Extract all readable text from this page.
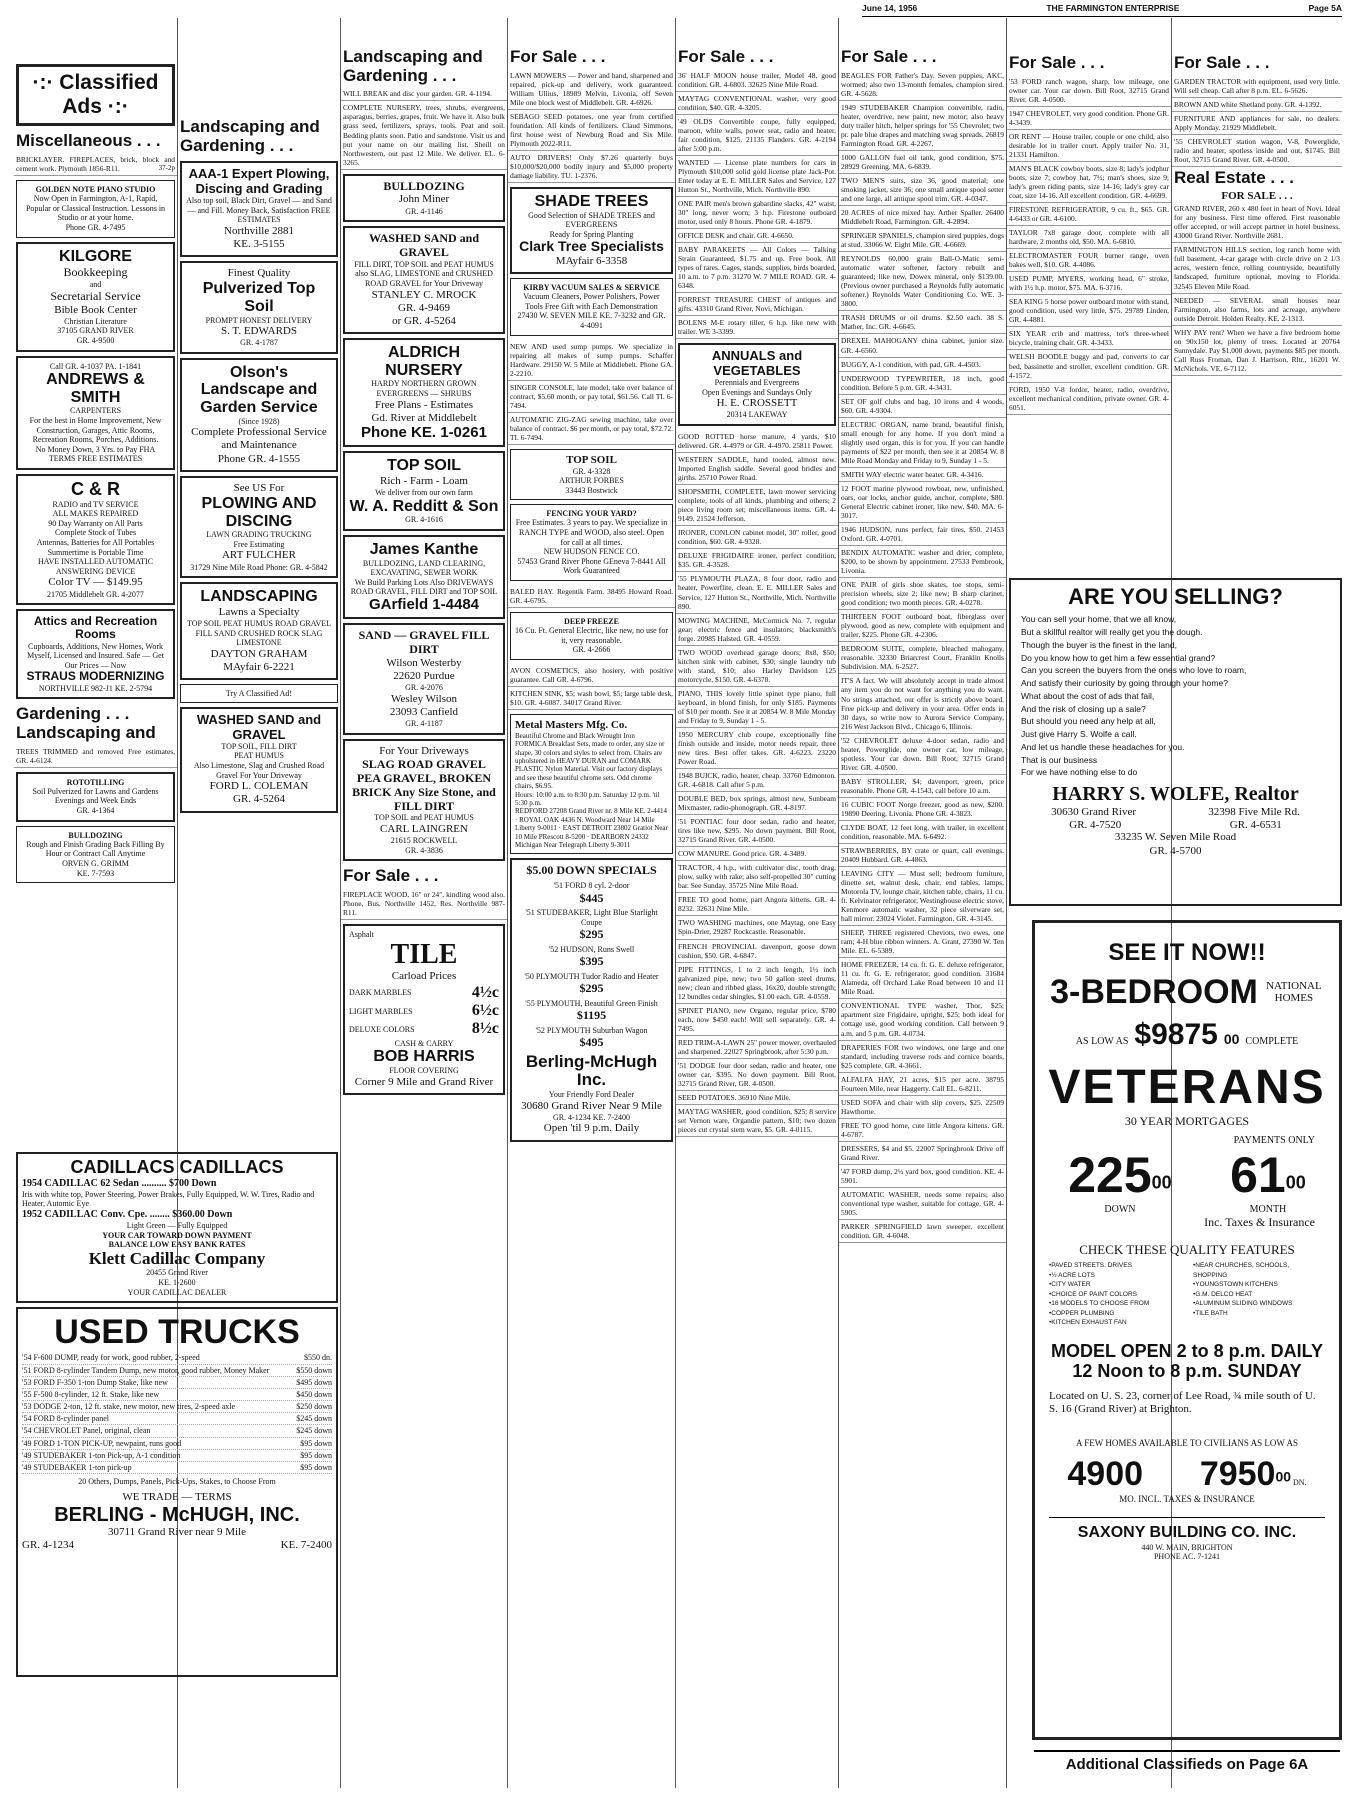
June 14, 1956	THE FARMINGTON ENTERPRISE	Page 5A
·:· Classified Ads ·:·
Miscellaneous . . .
BRICKLAYER. FIREPLACES, brick, block and cement work. Plymouth 1856-R11.	37-2p
GOLDEN NOTE PIANO STUDIO

Now Open in Farmington, A-1, Rapid, Popular or Classical Instruction. Lessons in Studio or at your home.

Phone GR. 4-7495

KILGORE

Bookkeeping

and

Secretarial Service

Bible Book Center

Christian Literature

37105 GRAND RIVER

GR. 4-9500

Call GR. 4-1037 PA. 1-1841

ANDREWS & SMITH

CARPENTERS

For the best in Home Improvement, New Construction, Garages, Attic Rooms, Recreation Rooms, Porches, Additions.

No Money Down, 3 Yrs. to Pay FHA TERMS FREE ESTIMATES

C & R

RADIO and TV SERVICE

ALL MAKES REPAIRED

90 Day Warranty on All Parts

Complete Stock of Tubes

Antennas, Batteries for All Portables

Summertime is Portable Time

HAVE INSTALLED AUTOMATIC ANSWERING DEVICE

Color TV — $149.95

21705 Middlebelt GR. 4-2077

Attics and Recreation Rooms

Cupboards, Additions, New Homes, Work Myself, Licensed and Insured. Safe — Get Our Prices — Now

STRAUS MODERNIZING

NORTHVILLE 982-J1 KE. 2-5794

Gardening . . . Landscaping and
TREES TRIMMED and removed Free estimates, GR. 4-6124.
ROTOTILLING

Soil Pulverized for Lawns and Gardens Evenings and Week Ends

GR. 4-1364

BULLDOZING

Rough and Finish Grading Back Filling By Hour or Contract Call Anytime

ORVEN G. GRIMM

KE. 7-7593

CADILLACS CADILLACS

1954 CADILLAC 62 Sedan .......... $700 Down

Iris with white top, Power Steering, Power Brakes, Fully Equipped, W. W. Tires, Radio and Heater, Automic Eye

1952 CADILLAC Conv. Cpe. ........ $360.00 Down

Light Green — Fully Equipped

YOUR CAR TOWARD DOWN PAYMENT

BALANCE LOW EASY BANK RATES

Klett Cadillac Company

20455 Grand River

KE. 1-2600

YOUR CADILLAC DEALER

USED TRUCKS
'54 F-600 DUMP, ready for work, good rubber, 2-speed	$550 dn.
'51 FORD 8-cylinder Tandem Dump, new motor, good rubber, Money Maker	$550 down
'53 FORD F-350 1-ton Dump Stake, like new	$495 down
'55 F-500 8-cylinder, 12 ft. Stake, like new	$450 down
'53 DODGE 2-ton, 12 ft. stake, new motor, new tires, 2-speed axle	$250 down
'54 FORD 8-cylinder panel	$245 down
'54 CHEVROLET Panel, original, clean	$245 down
'49 FORD 1-TON PICK-UP, newpaint, runs good	$95 down
'49 STUDEBAKER 1-ton Pick-up, A-1 condition	$95 down
'49 STUDEBAKER 1-ton pick-up	$95 down

20 Others, Dumps, Panels, Pick-Ups, Stakes, to Choose From

WE TRADE — TERMS

BERLING - McHUGH, INC.

30711 Grand River near 9 Mile

GR. 4-1234	KE. 7-2400
Landscaping and Gardening . . .
AAA-1 Expert Plowing, Discing and Grading

Also top soil, Black Dirt, Gravel — and Sand — and Fill. Money Back, Satisfaction FREE ESTIMATES

Northville 2881

KE. 3-5155

Finest Quality

Pulverized Top Soil

PROMPT HONEST DELIVERY

S. T. EDWARDS

GR. 4-1787

Olson's Landscape and Garden Service

(Since 1928)

Complete Professional Service and Maintenance

Phone GR. 4-1555

See US For

PLOWING AND DISCING

LAWN GRADING TRUCKING

Free Estimating

ART FULCHER

31729 Nine Mile Road Phone: GR. 4-5842

LANDSCAPING

Lawns a Specialty

TOP SOIL PEAT HUMUS ROAD GRAVEL FILL SAND CRUSHED ROCK SLAG LIMESTONE

DAYTON GRAHAM

MAyfair 6-2221

Try A Classified Ad!
WASHED SAND and GRAVEL

TOP SOIL, FILL DIRT

PEAT HUMUS

Also Limestone, Slag and Crushed Road Gravel For Your Driveway

FORD L. COLEMAN

GR. 4-5264

Landscaping and Gardening . . .
WILL BREAK and disc your garden. GR. 4-1194.
COMPLETE NURSERY, trees, shrubs, evergreens, asparagus, berries, grapes, fruit. We have it. Also bulk grass seed, fertilizers, sprays, tools. Peat and soil. Bedding plants soon. Patio and sandstone. Visit us and put your name on our mailing list. Sheill on Northwestern, out past 12 Mile. We deliver. EL. 6-3265.
BULLDOZING

John Miner

GR. 4-1146

WASHED SAND and GRAVEL

FILL DIRT, TOP SOIL and PEAT HUMUS also SLAG, LIMESTONE and CRUSHED ROAD GRAVEL for Your Driveway

STANLEY C. MROCK

GR. 4-9469

or GR. 4-5264

ALDRICH NURSERY

HARDY NORTHERN GROWN EVERGREENS — SHRUBS

Free Plans - Estimates

Gd. River at Middlebelt

Phone KE. 1-0261
TOP SOIL

Rich - Farm - Loam

We deliver from our own farm

W. A. Redditt & Son

GR. 4-1616

James Kanthe

BULLDOZING, LAND CLEARING, EXCAVATING, SEWER WORK

We Build Parking Lots Also DRIVEWAYS

ROAD GRAVEL, FILL DIRT and TOP SOIL

GArfield 1-4484
SAND — GRAVEL FILL DIRT

Wilson Westerby

22620 Purdue

GR. 4-2076

Wesley Wilson

23093 Canfield

GR. 4-1187

For Your Driveways

SLAG ROAD GRAVEL PEA GRAVEL, BROKEN BRICK Any Size Stone, and FILL DIRT

TOP SOIL and PEAT HUMUS

CARL LAINGREN

21615 ROCKWELL

GR. 4-3836

For Sale . . .
FIREPLACE WOOD, 16" or 24", kindling wood also. Phone, Bus. Northville 1452, Res. Northville 987-R11.

Asphalt

TILE

Carload Prices

DARK MARBLES	4½c
LIGHT MARBLES	6½c
DELUXE COLORS	8½c

CASH & CARRY

BOB HARRIS

FLOOR COVERING

Corner 9 Mile and Grand River

For Sale . . .
LAWN MOWERS — Power and hand, sharpened and repaired, pick-up and delivery, work guaranteed. William Ullius, 18989 Melvin, Livonia, off Seven Mile one block west of Middlebelt. GR. 4-6926.
SEBAGO SEED potatoes, one year from certified foundation. All kinds of fertilizers. Claud Simmons, first house west of Newburg Road and Six Mile. Plymouth 2022-R11.
AUTO DRIVERS! Only $7.26 quarterly buys $10,000/$20,000 bodily injury and $5,000 property damage liability. TU. 1-2376.
SHADE TREES

Good Selection of SHADE TREES and EVERGREENS

Ready for Spring Planting

Clark Tree Specialists

MAyfair 6-3358

KIRBY VACUUM SALES & SERVICE

Vacuum Cleaners, Power Polishers, Power Tools Free Gift with Each Demonstration

27430 W. SEVEN MILE KE. 7-3232 and GR. 4-4091

NEW AND used sump pumps. We specialize in repairing all makes of sump pumps. Schaffer Hardware. 29150 W. 5 Mile at Middlebelt. Phone GA. 2-2210.
SINGER CONSOLE, late model, take over balance of contract, $5.60 month, or pay total, $61.56. Call TI. 6-7494.
AUTOMATIC ZIG-ZAG sewing machine, take over balance of contract. $6 per month, or pay total, $72.72. TI. 6-7494.
TOP SOIL

GR. 4-3328

ARTHUR FORBES

33443 Bostwick

FENCING YOUR YARD?

Free Estimates. 3 years to pay. We specialize in RANCH TYPE and WOOD, also steel. Open for call at all times.

NEW HUDSON FENCE CO.

57453 Grand River Phone GEneva 7-8441 All Work Guaranteed

BALED HAY. Regentik Farm. 38495 Howard Road. GR. 4-6795.
DEEP FREEZE

16 Cu. Ft. General Electric, like new, no use for it, very reasonable.

GR. 4-2666

AVON COSMETICS, also hosiery, with positive guarantee. Call GR. 4-6796.
KITCHEN SINK, $5; wash bowl, $5; large table desk, $10. GR. 4-6087. 34017 Grand River.
Metal Masters Mfg. Co.

Beautiful Chrome and Black Wrought Iron FORMICA Breakfast Sets, made to order, any size or shape, 30 colors and styles to select from. Chairs are upholstered in HEAVY DURAN and COMARK PLASTIC Nylon Material. Visit our factory displays and see these beautiful chrome sets. Odd chrome chairs, $6.95.

Hours: 10:00 a.m. to 8:30 p.m. Saturday 12 p.m. 'til 5:30 p.m.

REDFORD 27208 Grand River nr. 8 Mile KE. 2-4414 · ROYAL OAK 4436 N. Woodward Near 14 Mile Liberty 9-0011 · EAST DETROIT 23802 Gratiot Near 10 Mile PRescott 8-5200 · DEARBORN 24332 Michigan Near Telegraph Liberty 9-3011

$5.00 DOWN SPECIALS

'51 FORD 8 cyl. 2-door

$445

'51 STUDEBAKER, Light Blue Starlight Coupe

$295

'52 HUDSON, Runs Swell

$395

'50 PLYMOUTH Tudor Radio and Heater

$295

'55 PLYMOUTH, Beautiful Green Finish

$1195

'52 PLYMOUTH Suburban Wagon

$495

Berling-McHugh Inc.

Your Friendly Ford Dealer

30680 Grand River Near 9 Mile

GR. 4-1234 KE. 7-2400

Open 'til 9 p.m. Daily

For Sale . . .
36' HALF MOON house trailer, Model 48, good condition. GR. 4-6803. 32625 Nine Mile Road.
MAYTAG CONVENTIONAL washer, very good condition, $40. GR. 4-3205.
'49 OLDS Convertible coupe, fully equipped, maroon, white walls, power seat, radio and heater, fair condition, $125. 21135 Flanders. GR. 4-2194 after 5:00 p.m.
WANTED — License plate numbers for cars in Plymouth $10,000 solid gold license plate Jack-Pot. Enter today at E. E. MILLER Sales and Service, 127 Hutton St., Northville, Mich. Northville 890.
ONE PAIR men's brown gabardine slacks, 42" waist, 30" long, never worn; 3 h.p. Firestone outboard motor, used only 8 hours. Phone GR. 4-1879.
OFFICE DESK and chair. GR. 4-6650.
BABY PARAKEETS — All Colors — Talking Strain Guaranteed, $1.75 and up. Free book. All types of rares. Cages, stands, supplies, birds boarded, 10 a.m. to 7 p.m. 31270 W. 7 MILE ROAD. GR. 4-6348.
FORREST TREASURE CHEST of antiques and gifts. 43310 Grand River, Novi, Michigan.
BOLENS M-E rotary tiller, 6 h.p. like new with trailer. WE 3-3399.
ANNUALS and VEGETABLES

Perennials and Evergreens

Open Evenings and Sundays Only

H. E. CROSSETT

20314 LAKEWAY

GOOD ROTTED horse manure, 4 yards, $10 delivered. GR. 4-4979 or GR. 4-4970. 25811 Power.
WESTERN SADDLE, hand tooled, almost new. Imported English saddle. Several good bridles and girths. 25710 Power Road.
SHOPSMITH, COMPLETE, lawn mower servicing complete, tools of all kinds, plumbing and others; 2 piece living room set; miscellaneous items. GR. 4-9149. 21524 Jefferson.
IRONER, CONLON cabinet model, 30" roller, good condition, $60. GR. 4-9328.
DELUXE FRIGIDAIRE ironer, perfect condition, $35. GR. 4-3528.
'55 PLYMOUTH PLAZA, 8 four door, radio and heater, Powerflite, clean. E. E. MILLER Sales and Service, 127 Hutton St., Northville, Mich. Northville 890.
MOWING MACHINE, McCormick No. 7, regular gear; electric fence and insulators; blacksmith's forge. 20985 Halsted. GR. 4-0559.
TWO WOOD overhead garage doors; 8x8, $50; kitchen sink with cabinet, $30; single laundry tub with stand, $10; also Harley Davidson 125 motorcycle, $150. GR. 4-6378.
PIANO, THIS lovely little spinet type piano, full keyboard, in blond finish, for only $185. Payments of $10 per month. See it at 20854 W. 8 Mile Monday and Friday to 9, Sunday 1 - 5.
1950 MERCURY club coupe, exceptionally fine finish outside and inside, motor needs repair, three new tires. Best offer takes. GR. 4-6223. 23220 Power Road.
1948 BUICK, radio, heater, cheap. 33760 Edmonton. GR. 4-6818. Call after 5 p.m.
DOUBLE BED, box springs, almost new, Sunbeam Mixmaster, radio-phonograph. GR. 4-8197.
'51 PONTIAC four door sedan, radio and heater, tires like new, $295. No down payment. Bill Root, 32715 Grand River. GR. 4-0500.
COW MANURE. Good price. GR. 4-3489.
TRACTOR, 4 h.p., with cultivator disc, tooth drag, plow, sulky with rake; also self-propelled 30" cutting bar. See Sunday. 35725 Nine Mile Road.
FREE TO good home, part Angora kittens. GR. 4-8232. 32631 Nine Mile.
TWO WASHING machines, one Maytag, one Easy Spin-Drier, 29287 Rockcastle. Reasonable.
FRENCH PROVINCIAL davenport, goose down cushion, $50. GR. 4-6847.
PIPE FITTINGS, 1 to 2 inch length, 1½ inch galvanized pipe, new; two 50 gallon steel drums, new; clean and ribbed glass, 16x20, double strength; 12 bundles cedar shingles, $1.00 each. GR. 4-0559.
SPINET PIANO, new Organo, regular price, $780 each, now $450 each! Will sell separately. GR. 4-7495.
RED TRIM-A-LAWN 25" power mower, overhauled and sharpened. 22027 Springbrook, after 5:30 p.m.
'51 DODGE four door sedan, radio and heater, one owner car, $395. No down payment. Bill Root, 32715 Grand River, GR. 4-0500.
SEED POTATOES. 36910 Nine Mile.
MAYTAG WASHER, good condition, $25; 8 service set Vernon ware, Organdie pattern, $10; two dozen pieces cut crystal stem ware, $5. GR. 4-0115.
For Sale . . .
BEAGLES FOR Father's Day. Seven puppies, AKC, wormed; also two 13-month females, champion sired. GR. 4-5628.
1949 STUDEBAKER Champion convertible, radio, heater, overdrive, new paint, new motor; also heavy duty trailer hitch, helper springs for '55 Chevrolet; two pr. pale blue drapes and matching swag spreads. 26819 Farmington Road. GR. 4-2267.
1000 GALLON fuel oil tank, good condition, $75. 28929 Greening. MA. 6-6839.
TWO MEN'S suits, size 36, good material; one smoking jacket, size 36; one small antique spool setter and one large, all antique spool trim. GR. 4-0347.
20 ACRES of nice mixed hay. Arther Spaller. 26400 Middlebelt Road, Farmington. GR. 4-2894.
SPRINGER SPANIELS, champion sired puppies, dogs at stud. 33066 W. Eight Mile. GR. 4-6669.
REYNOLDS 60,000 grain Ball-O-Matic semi-automatic water softener, factory rebuilt and guaranteed; like new, Dowex mineral, only $139.00. (Previous owner purchased a Reynolds fully automatic softener.) Reynolds Water Conditioning Co. WE. 3-3800.
TRASH DRUMS or oil drums. $2.50 each. 38 S. Mather, Inc. GR. 4-6645.
DREXEL MAHOGANY china cabinet, junior size. GR. 4-6560.
BUGGY, A-1 condition, with pad, GR. 4-4503.
UNDERWOOD TYPEWRITER, 18 inch, good condition. Before 5 p.m. GR. 4-3431.
SET OF golf clubs and bag, 10 irons and 4 woods, $60. GR. 4-9304.
ELECTRIC ORGAN, name brand, beautiful finish, small enough for any home. If you don't mind a slightly used organ, this is for you. If you can handle payments of $22 per month, then see it at 20854 W. 8 Mile Road Monday and Friday to 9, Sunday 1 - 5.
SMITH WAY electric water heater. GR. 4-3416.
12 FOOT marine plywood rowboat, new, unfinished, oars, oar locks, anchor guide, anchor, complete, $80. General Electric cabinet ironer, like new, $40. MA. 6-3017.
1946 HUDSON, runs perfect, fair tires, $50. 21453 Oxford. GR. 4-0701.
BENDIX AUTOMATIC washer and drier, complete, $200, to be shown by appointment. 27533 Pembrook, Livonia.
ONE PAIR of girls shoe skates, toe stops, semi-precision wheels, size 2; like new; B sharp clarinet, good condition; two month pieces. GR. 4-0278.
THIRTEEN FOOT outboard boat, fiberglass over plywood, good as new, complete with equipment and trailer, $225. Phone GR. 4-2306.
BEDROOM SUITE, complete, bleached mahogany, reasonable. 32330 Briarcrest Court, Franklin Knolls Subdivision. MA. 6-2527.
IT'S A fact. We will absolutely accept in trade almost any item you do not want for anything you do want. No strings attached, our offer is strictly above board. Free pick-up and delivery in your area. Offer ends in 30 days, so write now to Aurora Service Company, 216 West Jackson Blvd., Chicago 6, Illinois.
'52 CHEVROLET deluxe 4-door sedan, radio and heater, Powerglide, one owner car, low mileage, spotless. Your car down. Bill Root, 32715 Grand River. GR. 4-0500.
BABY STROLLER, $4; davenport, green, price reasonable. Phone GR. 4-1543, call before 10 a.m.
16 CUBIC FOOT Norge freezer, good as new, $200. 19890 Deering, Livonia. Phone GR. 4-3823.
CLYDE BOAT, 12 feet long, with trailer, in excellent condition, reasonable. MA. 6-6492.
STRAWBERRIES, BY crate or quart, call evenings. 20409 Hubbard. GR. 4-4863.
LEAVING CITY — Must sell; bedroom furniture, dinette set, walnut desk, chair, end tables, lamps, Motorola TV, lounge chair, kitchen table, chairs, 11 cu. ft. Kelvinator refrigerator, Westinghouse electric stove, Kenmore automatic washer, 32 piece silverware set, hall mirror. 23024 Violet. Farmington. GR. 4-3145.
SHEEP, THREE registered Cheviots, two ewes, one ram; 4-H blue ribbon winners. A. Grant, 27390 W. Ten Mile. EL. 6-5389.
HOME FREEZER, 14 cu. ft. G. E. deluxe refrigerator, 11 cu. ft. G. E. refrigerator, good condition. 31684 Alameda, off Orchard Lake Road between 10 and 11 Mile Road.
CONVENTIONAL TYPE washer, Thor, $25; apartment size Frigidaire, upright, $25; both ideal for cottage use, good working condition. Call between 9 a.m. and 5 p.m. GR. 4-0734.
DRAPERIES FOR two windows, one large and one standard, including traverse rods and cornice boards, $25 complete. GR. 4-3661.
ALFALFA HAY, 21 acres, $15 per acre. 38795 Fourteen Mile, near Haggerty. Call EL. 6-8211.
USED SOFA and chair with slip covers, $25. 22509 Hawthorne.
FREE TO good home, cute little Angora kittens. GR. 4-6787.
DRESSERS, $4 and $5. 22007 Springbrook Drive off Grand River.
'47 FORD dump, 2½ yard box, good condition. KE. 4-5901.
AUTOMATIC WASHER, needs some repairs; also conventional type washer, suitable for cottage. GR. 4-5905.
PARKER SPRINGFIELD lawn sweeper, excellent condition. GR. 4-6048.
For Sale . . .
'53 FORD ranch wagon, sharp, low mileage, one owner car. Your car down. Bill Root, 32715 Grand River. GR. 4-0500.
1947 CHEVROLET, very good condition. Phone GR. 4-3439.
OR RENT — House trailer, couple or one child, also desirable lot in trailer court. Apply trailer No. 31, 21331 Hamilton.
MAN'S BLACK cowboy boots, size 8; lady's jodphur boots, size 7; cowboy hat, 7½; man's shoes, size 9; lady's green riding pants, size 14-16; lady's grey car coat, size 14-16. All excellent condition. GR. 4-6699.
FIRESTONE REFRIGERATOR, 9 cu. ft., $65. GR. 4-6433 or GR. 4-6100.
TAYLOR 7x8 garage door, complete with all hardware, 2 months old, $50. MA. 6-6810.
ELECTROMASTER FOUR burner range, oven bakes well, $10. GR. 4-4086.
USED PUMP, MYERS, working head, 6" stroke, with 1½ h.p. motor, $75. MA. 6-3716.
SEA KING 5 horse power outboard motor with stand, good condition, used very little, $75. 29789 Linden, GR. 4-4881.
SIX YEAR crib and mattress, tot's three-wheel bicycle, training chair. GR. 4-3433.
WELSH BOODLE buggy and pad, converts to car bed, bassinette and stroller, excellent condition. GR. 4-1572.
FORD, 1950 V-8 fordor, heater, radio, overdrive, excellent mechanical condition, private owner. GR. 4-6051.
For Sale . . .
GARDEN TRACTOR with equipment, used very little. Will sell cheap. Call after 8 p.m. EL. 6-5626.
BROWN AND white Shetland pony. GR. 4-1392.
FURNITURE AND appliances for sale, no dealers. Apply Monday. 21929 Middlebelt.
'55 CHEVROLET station wagon, V-8, Powerglide, radio and heater, spotless inside and out, $1745. Bill Root, 32715 Grand River. GR. 4-0500.
Real Estate . . .
FOR SALE . . .
GRAND RIVER, 260 x 480 feet in heart of Novi. Ideal for any business. First time offered. First reasonable offer accepted, or will accept partner in hotel business. 43000 Grand River. Northville 2681.
FARMINGTON HILLS section, log ranch home with full basement, 4-car garage with circle drive on 2 1/3 acres, western fence, rolling countryside, beautifully landscaped, furniture optional, moving to Florida. 32545 Eleven Mile Road.
NEEDED — SEVERAL small houses near Farmington, also farms, lots and acreage, anywhere outside Detroit. Holden Realty. KE. 2-1313.
WHY PAY rent? When we have a five bedroom home on 90x150 lot, plenty of trees. Located at 20764 Sunnydale. Pay $1,000 down, payments $85 per month. Call Russ Froman, Dan J. Harrison, Rltr., 16201 W. McNichols. VE. 6-7112.
ARE YOU SELLING?
You can sell your home, that we all know,
But a skillful realtor will really get you the dough.
Though the buyer is the finest in the land,
Do you know how to get him a few essential grand?
Can you screen the buyers from the ones who love to roam,
And satisfy their curiosity by going through your home?
What about the cost of ads that fail,
And the risk of closing up a sale?
But should you need any help at all,
Just give Harry S. Wolfe a call.
And let us handle these headaches for you.
That is our business
For we have nothing else to do
HARRY S. WOLFE, Realtor
30630 Grand River	32398 Five Mile Rd.
GR. 4-7520	GR. 4-6531

33235 W. Seven Mile Road

GR. 4-5700

SEE IT NOW!!
3-BEDROOM NATIONAL HOMES
AS LOW AS $9875 00 COMPLETE
VETERANS
30 YEAR MORTGAGES
PAYMENTS ONLY
$225^{00}$
DOWN
$61^{00}$
MONTH
Inc. Taxes & Insurance
CHECK THESE QUALITY FEATURES
•PAVED STREETS, DRIVES	•NEAR CHURCHES, SCHOOLS,
•½ ACRE LOTS	SHOPPING
•CITY WATER	•YOUNGSTOWN KITCHENS
•CHOICE OF PAINT COLORS	•G.M. DELCO HEAT
•16 MODELS TO CHOOSE FROM	•ALUMINUM SLIDING WINDOWS
•COPPER PLUMBING	•TILE BATH
•KITCHEN EXHAUST FAN
MODEL OPEN 2 to 8 p.m. DAILY
12 Noon to 8 p.m. SUNDAY

Located on U. S. 23, corner of Lee Road, ¾ mile south of U. S. 16 (Grand River) at Brighton.

A FEW HOMES AVAILABLE TO CIVILIANS AS LOW AS

4900 7950$^{00}$ DN.

MO. INCL. TAXES & INSURANCE

SAXONY BUILDING CO. INC.

440 W. MAIN, BRIGHTON

PHONE AC. 7-1241

Additional Classifieds on Page 6A
